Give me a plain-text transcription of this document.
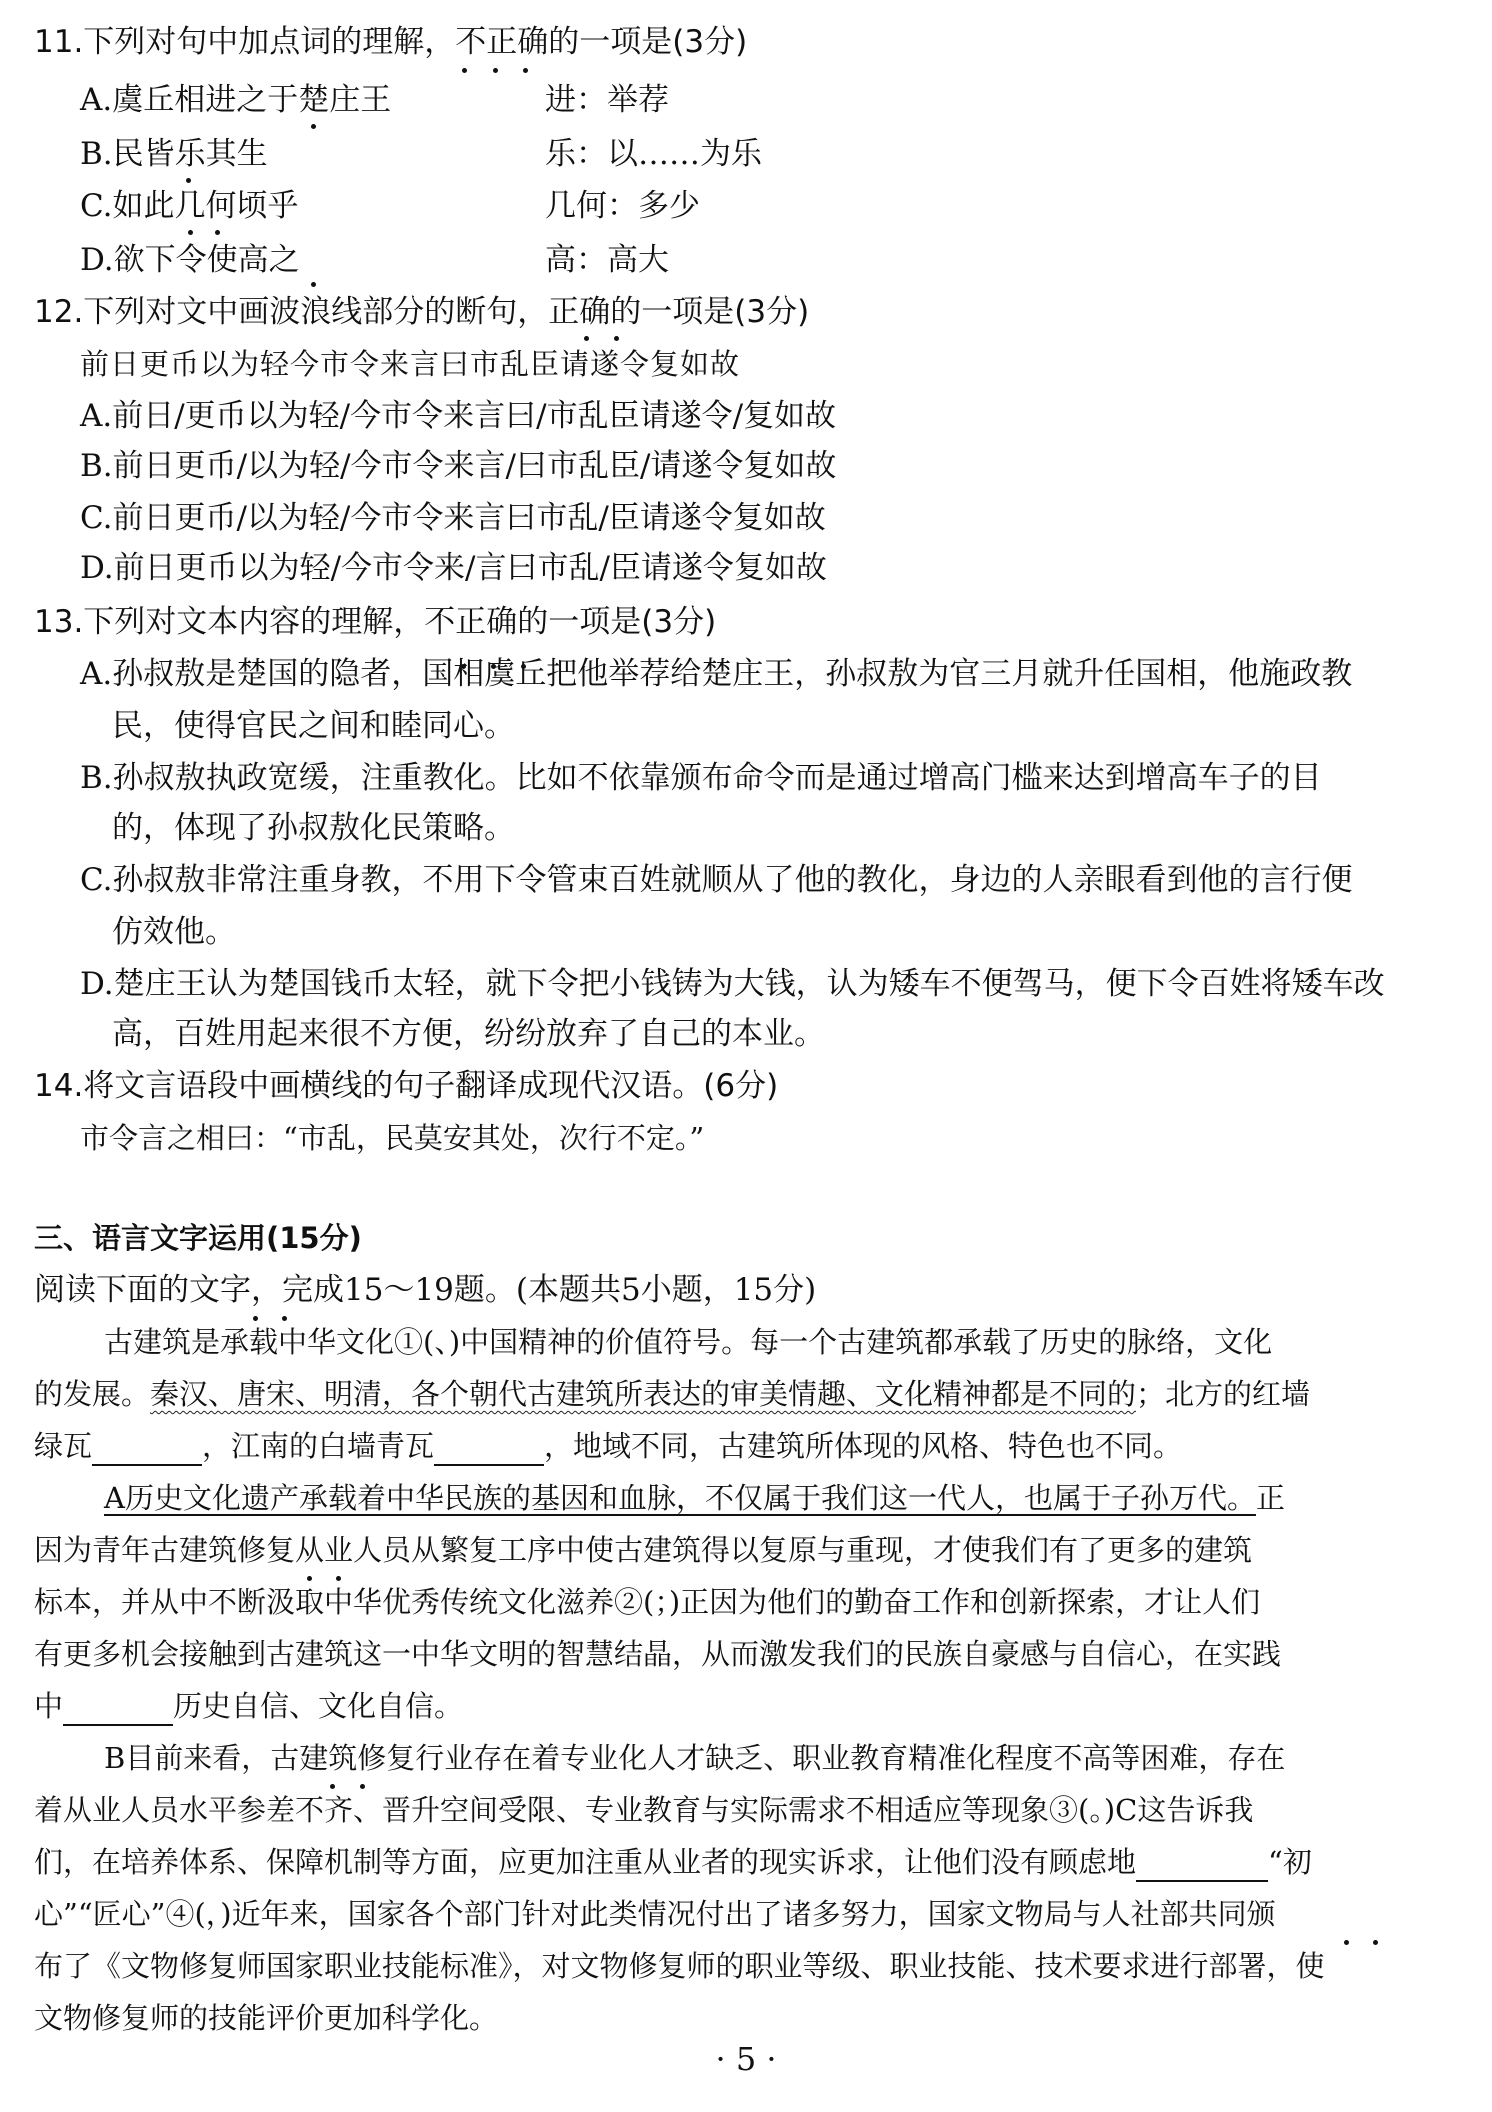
11.下列对句中加点词的理解，不正确的一项是(3分)
A.虞丘相进之于楚庄王	进：举荐
B.民皆乐其生	乐：以……为乐
C.如此几何顷乎	几何：多少
D.欲下令使高之	高：高大
12.下列对文中画波浪线部分的断句，正确的一项是(3分)
前日更币以为轻今市令来言曰市乱臣请遂令复如故
A.前日/更币以为轻/今市令来言曰/市乱臣请遂令/复如故
B.前日更币/以为轻/今市令来言/曰市乱臣/请遂令复如故
C.前日更币/以为轻/今市令来言曰市乱/臣请遂令复如故
D.前日更币以为轻/今市令来/言曰市乱/臣请遂令复如故
13.下列对文本内容的理解，不正确的一项是(3分)
A.孙叔敖是楚国的隐者，国相虞丘把他举荐给楚庄王，孙叔敖为官三月就升任国相，他施政教
民，使得官民之间和睦同心。
B.孙叔敖执政宽缓，注重教化。比如不依靠颁布命令而是通过增高门槛来达到增高车子的目
的，体现了孙叔敖化民策略。
C.孙叔敖非常注重身教，不用下令管束百姓就顺从了他的教化，身边的人亲眼看到他的言行便
仿效他。
D.楚庄王认为楚国钱币太轻，就下令把小钱铸为大钱，认为矮车不便驾马，便下令百姓将矮车改
高，百姓用起来很不方便，纷纷放弃了自己的本业。
14.将文言语段中画横线的句子翻译成现代汉语。(6分)
市令言之相曰：“市乱，民莫安其处，次行不定。”
三、语言文字运用(15分)
阅读下面的文字，完成15～19题。(本题共5小题，15分)
古建筑是承载中华文化①(、)中国精神的价值符号。每一个古建筑都承载了历史的脉络，文化
的发展。秦汉、唐宋、明清，各个朝代古建筑所表达的审美情趣、文化精神都是不同的；北方的红墙
绿瓦	，江南的白墙青瓦	，地域不同，古建筑所体现的风格、特色也不同。
A历史文化遗产承载着中华民族的基因和血脉，不仅属于我们这一代人，也属于子孙万代。正
因为青年古建筑修复从业人员从繁复工序中使古建筑得以复原与重现，才使我们有了更多的建筑
标本，并从中不断汲取中华优秀传统文化滋养②(；)正因为他们的勤奋工作和创新探索，才让人们
有更多机会接触到古建筑这一中华文明的智慧结晶，从而激发我们的民族自豪感与自信心，在实践
中	历史自信、文化自信。
B目前来看，古建筑修复行业存在着专业化人才缺乏、职业教育精准化程度不高等困难，存在
着从业人员水平参差不齐、晋升空间受限、专业教育与实际需求不相适应等现象③(。)C这告诉我
们，在培养体系、保障机制等方面，应更加注重从业者的现实诉求，让他们没有顾虑地	“初
心”“匠心”④(，)近年来，国家各个部门针对此类情况付出了诸多努力，国家文物局与人社部共同颁
布了《文物修复师国家职业技能标准》，对文物修复师的职业等级、职业技能、技术要求进行部署，使
文物修复师的技能评价更加科学化。
· 5 ·
